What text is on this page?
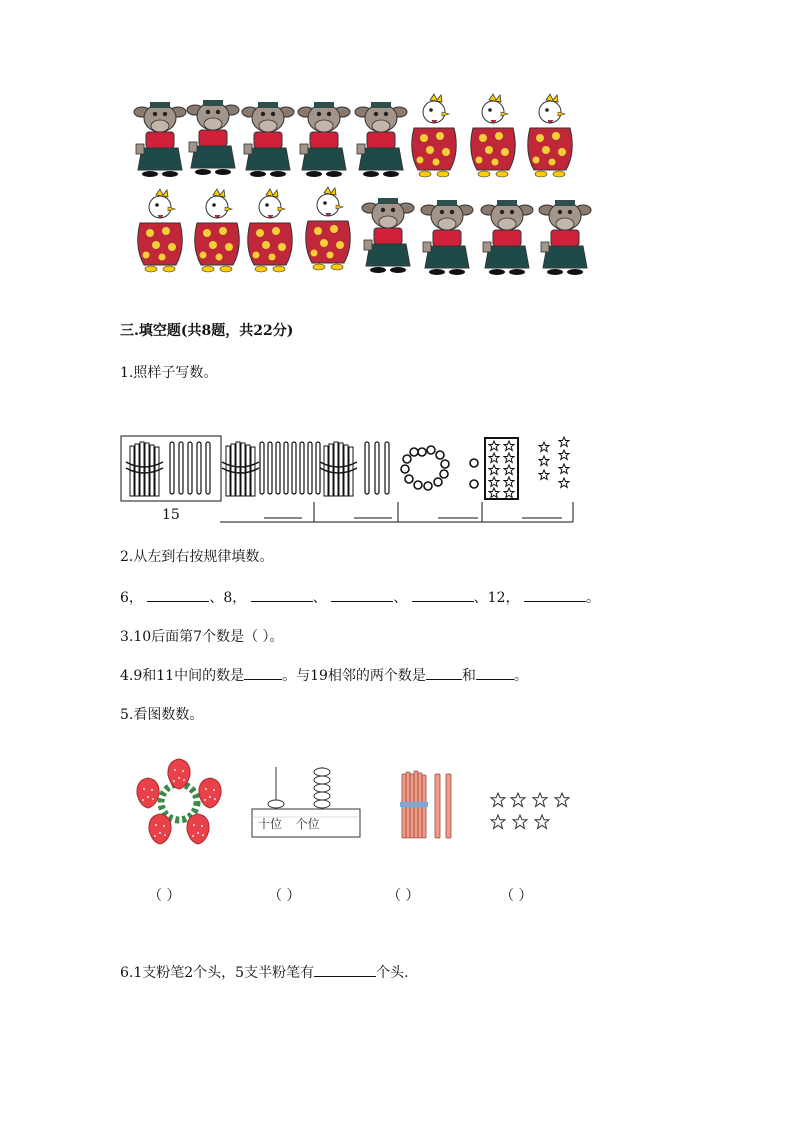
三.填空题(共8题，共22分)
1.照样子写数。
15
2.从左到右按规律填数。
6，	、8，	、	、	、12，	。
3.10后面第7个数是（ ）。
4.9和11中间的数是	。与19相邻的两个数是	和	。
5.看图数数。
十位 个位
（ ）	（ ）	（ ）	（ ）
6.1支粉笔2个头，5支半粉笔有	个头.
